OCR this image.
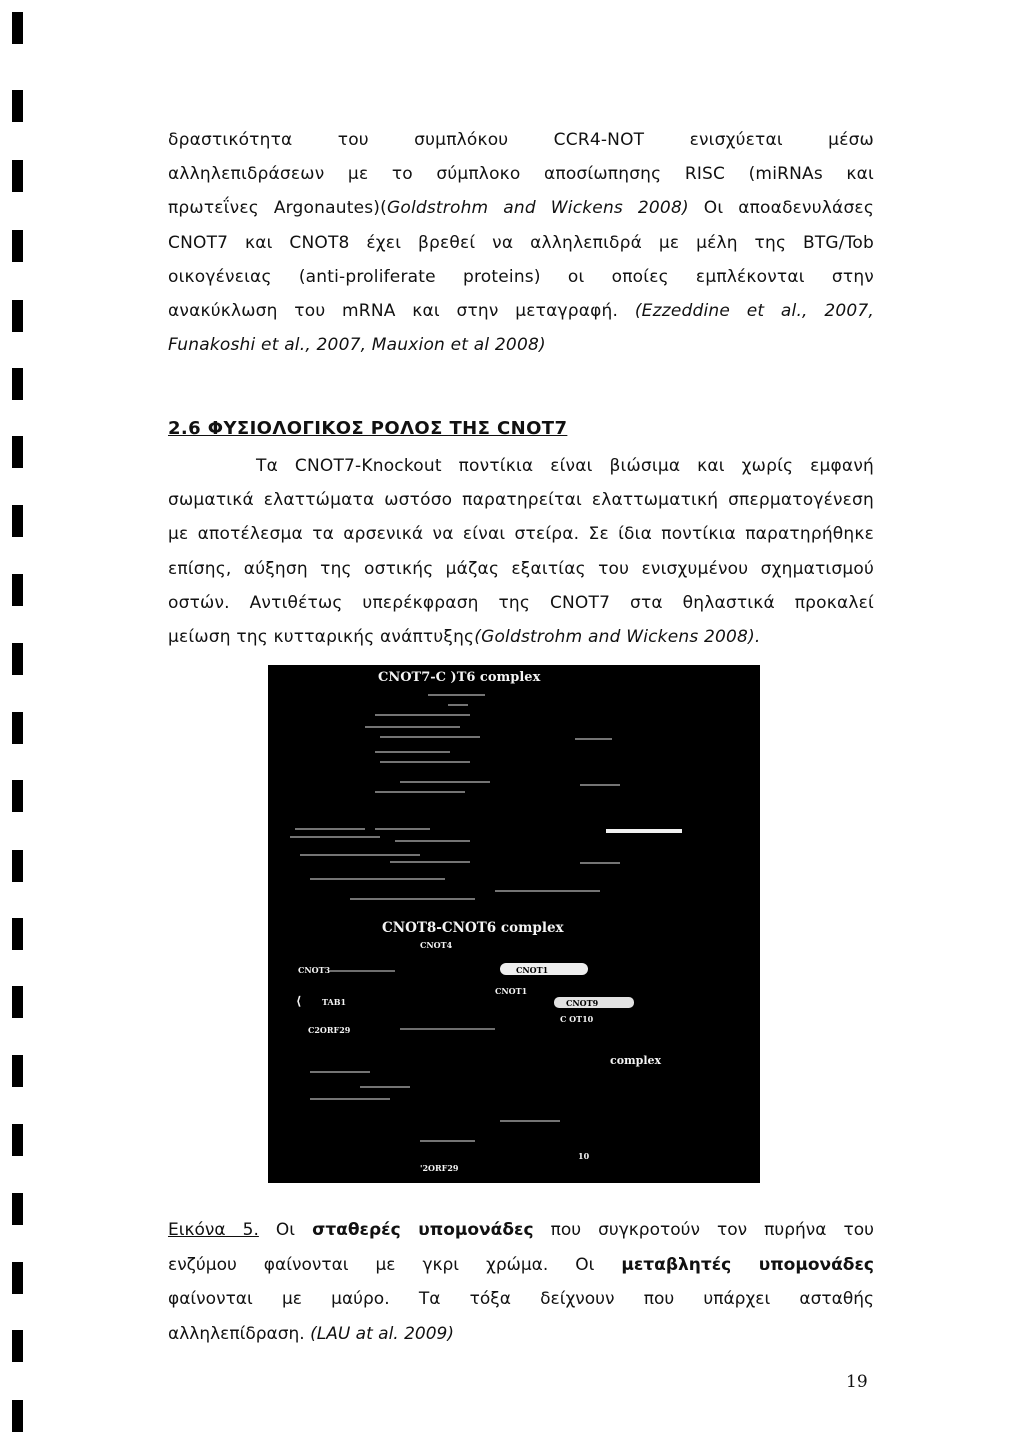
δραστικότητα του συμπλόκου CCR4-NOT ενισχύεται μέσω
αλληλεπιδράσεων με το σύμπλοκο αποσίωπησης RISC (miRNAs και
πρωτεΐνες Argonautes)(Goldstrohm and Wickens 2008) Οι αποαδενυλάσες
CNOT7 και CNOT8 έχει βρεθεί να αλληλεπιδρά με μέλη της BTG/Tob
οικογένειας (anti-proliferate proteins) οι οποίες εμπλέκονται στην
ανακύκλωση του mRNA και στην μεταγραφή. (Ezzeddine et al., 2007,
Funakoshi et al., 2007, Mauxion et al 2008)
2.6 ΦΥΣΙΟΛΟΓΙΚΟΣ ΡΟΛΟΣ ΤΗΣ CNOT7
Τα CNOT7-Knockout ποντίκια είναι βιώσιμα και χωρίς εμφανή
σωματικά ελαττώματα ωστόσο παρατηρείται ελαττωματική σπερματογένεση
με αποτέλεσμα τα αρσενικά να είναι στείρα. Σε ίδια ποντίκια παρατηρήθηκε
επίσης, αύξηση της οστικής μάζας εξαιτίας του ενισχυμένου σχηματισμού
οστών. Αντιθέτως υπερέκφραση της CNOT7 στα θηλαστικά προκαλεί
μείωση της κυτταρικής ανάπτυξης(Goldstrohm and Wickens 2008).
CNOT7-C )T6 complex
CNOT8-CNOT6 complex
CNOT4
CNOT3	CNOT1
CNOT1
⟨	TAB1	CNOT9
C OT10
C2ORF29
complex
'2ORF29
10
Εικόνα 5. Οι σταθερές υπομονάδες που συγκροτούν τον πυρήνα του
ενζύμου φαίνονται με γκρι χρώμα. Οι μεταβλητές υπομονάδες
φαίνονται με μαύρο. Τα τόξα δείχνουν που υπάρχει ασταθής
αλληλεπίδραση. (LAU at al. 2009)
19
